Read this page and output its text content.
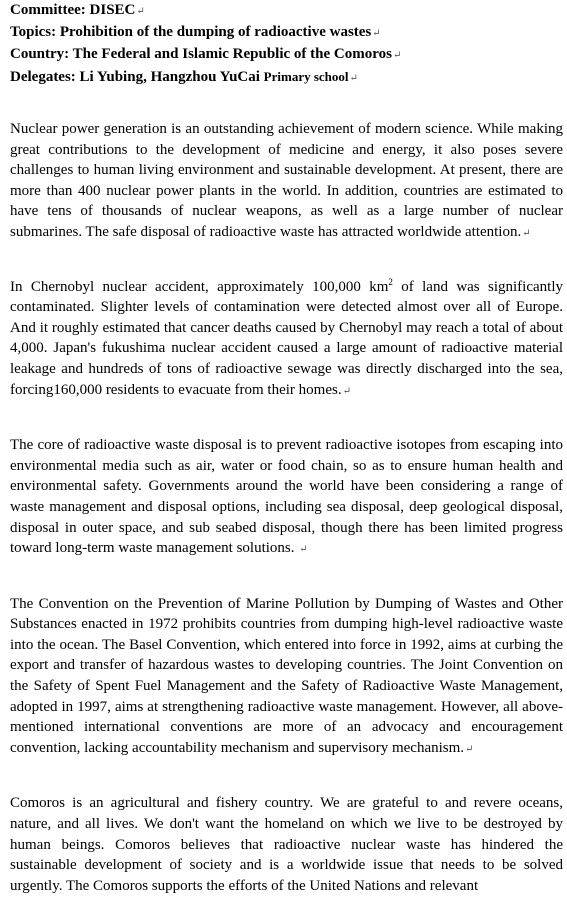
Committee: DISEC↵
Topics: Prohibition of the dumping of radioactive wastes↵
Country: The Federal and Islamic Republic of the Comoros↵
Delegates: Li Yubing, Hangzhou YuCai Primary school↵

Nuclear power generation is an outstanding achievement of modern science. While making great contributions to the development of medicine and energy, it also poses severe challenges to human living environment and sustainable development. At present, there are more than 400 nuclear power plants in the world. In addition, countries are estimated to have tens of thousands of nuclear weapons, as well as a large number of nuclear submarines. The safe disposal of radioactive waste has attracted worldwide attention.↵

In Chernobyl nuclear accident, approximately 100,000 $km^2$ of land was significantly contaminated. Slighter levels of contamination were detected almost over all of Europe. And it roughly estimated that cancer deaths caused by Chernobyl may reach a total of about 4,000. Japan's fukushima nuclear accident caused a large amount of radioactive material leakage and hundreds of tons of radioactive sewage was directly discharged into the sea, forcing160,000 residents to evacuate from their homes.↵

The core of radioactive waste disposal is to prevent radioactive isotopes from escaping into environmental media such as air, water or food chain, so as to ensure human health and environmental safety. Governments around the world have been considering a range of waste management and disposal options, including sea disposal, deep geological disposal, disposal in outer space, and sub seabed disposal, though there has been limited progress toward long-term waste management solutions. ↵

The Convention on the Prevention of Marine Pollution by Dumping of Wastes and Other Substances enacted in 1972 prohibits countries from dumping high-level radioactive waste into the ocean. The Basel Convention, which entered into force in 1992, aims at curbing the export and transfer of hazardous wastes to developing countries. The Joint Convention on the Safety of Spent Fuel Management and the Safety of Radioactive Waste Management, adopted in 1997, aims at strengthening radioactive waste management. However, all above-mentioned international conventions are more of an advocacy and encouragement convention, lacking accountability mechanism and supervisory mechanism.↵

Comoros is an agricultural and fishery country. We are grateful to and revere oceans, nature, and all lives. We don't want the homeland on which we live to be destroyed by human beings. Comoros believes that radioactive nuclear waste has hindered the sustainable development of society and is a worldwide issue that needs to be solved urgently. The Comoros supports the efforts of the United Nations and relevant
